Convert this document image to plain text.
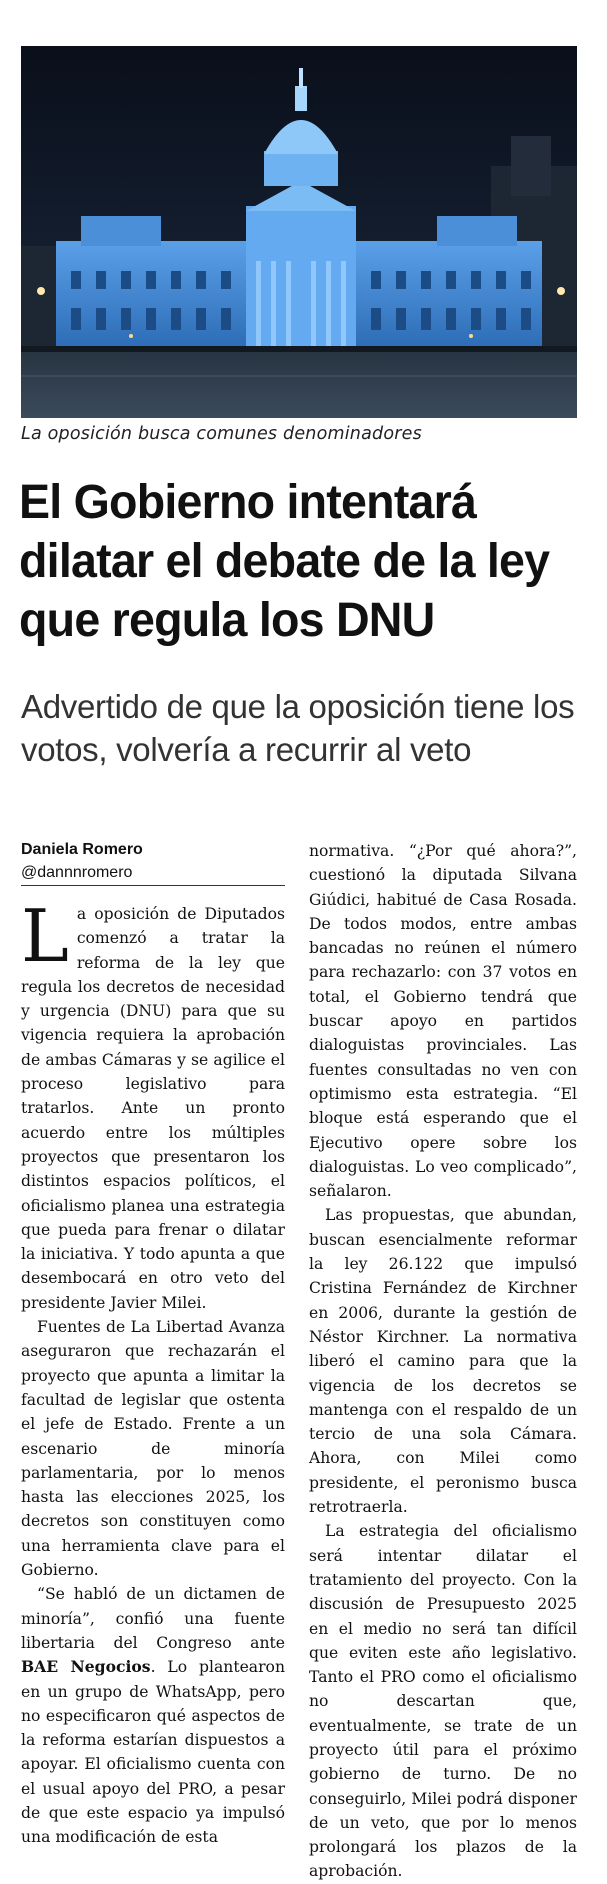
La oposición busca comunes denominadores
El Gobierno intentará dilatar el debate de la ley que regula los DNU
Advertido de que la oposición tiene los votos, volvería a recurrir al veto
Daniela Romero
@dannnromero

La oposición de Diputados comenzó a tratar la reforma de la ley que regula los decretos de necesidad y urgencia (DNU) para que su vigencia requiera la aprobación de ambas Cámaras y se agilice el proceso legislativo para tratarlos. Ante un pronto acuerdo entre los múltiples proyectos que presentaron los distintos espacios políticos, el oficialismo planea una estrategia que pueda para frenar o dilatar la iniciativa. Y todo apunta a que desembocará en otro veto del presidente Javier Milei.

Fuentes de La Libertad Avanza aseguraron que rechazarán el proyecto que apunta a limitar la facultad de legislar que ostenta el jefe de Estado. Frente a un escenario de minoría parlamentaria, por lo menos hasta las elecciones 2025, los decretos son constituyen como una herramienta clave para el Gobierno.

“Se habló de un dictamen de minoría”, confió una fuente libertaria del Congreso ante BAE Negocios. Lo plantearon en un grupo de WhatsApp, pero no especificaron qué aspectos de la reforma estarían dispuestos a apoyar. El oficialismo cuenta con el usual apoyo del PRO, a pesar de que este espacio ya impulsó una modificación de esta

normativa. “¿Por qué ahora?”, cuestionó la diputada Silvana Giúdici, habitué de Casa Rosada. De todos modos, entre ambas bancadas no reúnen el número para rechazarlo: con 37 votos en total, el Gobierno tendrá que buscar apoyo en partidos dialoguistas provinciales. Las fuentes consultadas no ven con optimismo esta estrategia. “El bloque está esperando que el Ejecutivo opere sobre los dialoguistas. Lo veo complicado”, señalaron.

Las propuestas, que abundan, buscan esencialmente reformar la ley 26.122 que impulsó Cristina Fernández de Kirchner en 2006, durante la gestión de Néstor Kirchner. La normativa liberó el camino para que la vigencia de los decretos se mantenga con el respaldo de un tercio de una sola Cámara. Ahora, con Milei como presidente, el peronismo busca retrotraerla.

La estrategia del oficialismo será intentar dilatar el tratamiento del proyecto. Con la discusión de Presupuesto 2025 en el medio no será tan difícil que eviten este año legislativo. Tanto el PRO como el oficialismo no descartan que, eventualmente, se trate de un proyecto útil para el próximo gobierno de turno. De no conseguirlo, Milei podrá disponer de un veto, que por lo menos prolongará los plazos de la aprobación.
